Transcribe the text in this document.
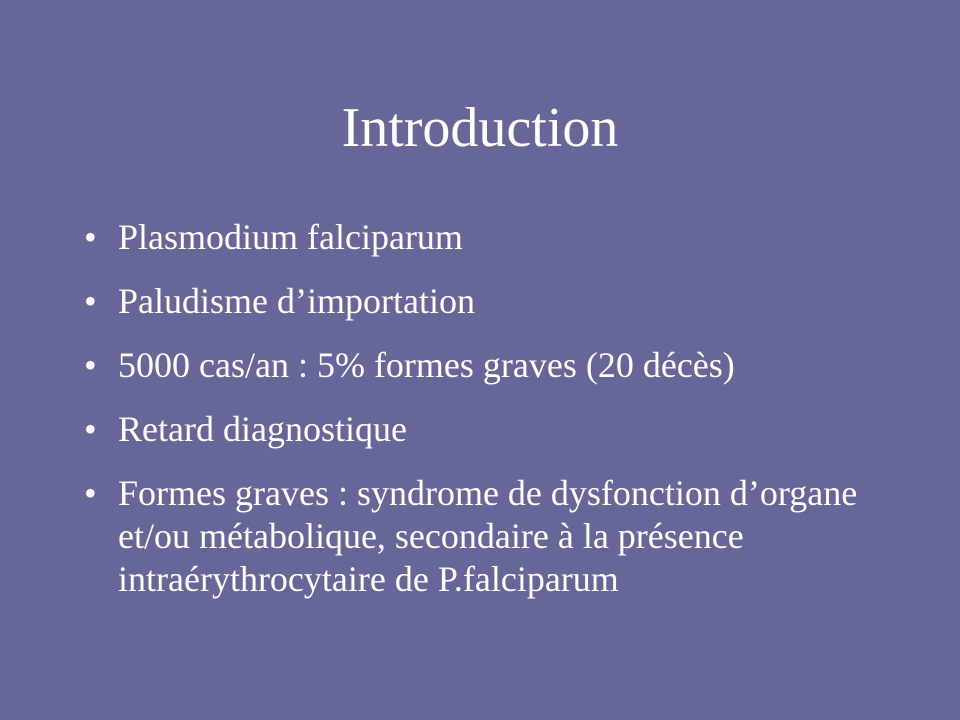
Introduction
• Plasmodium falciparum
• Paludisme d’importation
• 5000 cas/an : 5% formes graves (20 décès)
• Retard diagnostique
• Formes graves : syndrome de dysfonction d’organe et/ou métabolique, secondaire à la présence intraérythrocytaire de P.falciparum
